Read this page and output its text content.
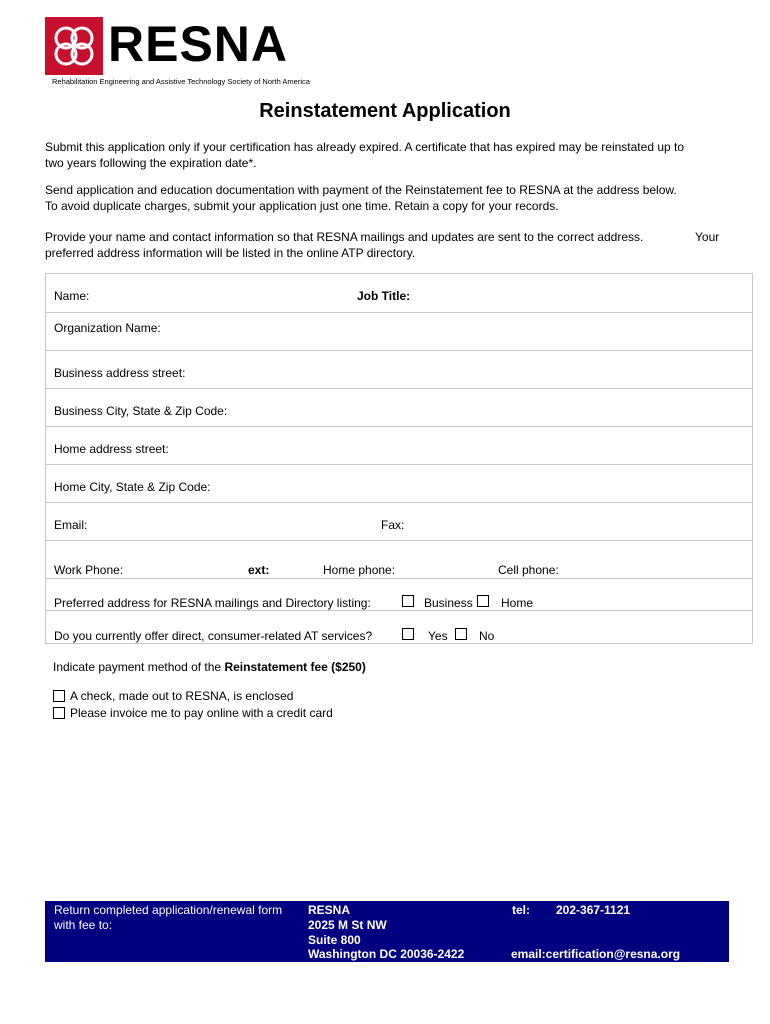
RESNA
Rehabilitation Engineering and Assistive Technology Society of North America
Reinstatement Application
Submit this application only if your certification has already expired. A certificate that has expired may be reinstated up to
two years following the expiration date*.
Send application and education documentation with payment of the Reinstatement fee to RESNA at the address below.
To avoid duplicate charges, submit your application just one time. Retain a copy for your records.
Provide your name and contact information so that RESNA mailings and updates are sent to the correct address.	Your
preferred address information will be listed in the online ATP directory.
Name:	Job Title:
Organization Name:
Business address street:
Business City, State & Zip Code:
Home address street:
Home City, State & Zip Code:
Email:	Fax:
Work Phone:	ext:	Home phone:	Cell phone:
Preferred address for RESNA mailings and Directory listing:	Business Home
Do you currently offer direct, consumer-related AT services?	Yes	No
Indicate payment method of the Reinstatement fee ($250)
A check, made out to RESNA, is enclosed
Please invoice me to pay online with a credit card
Return completed application/renewal form
with fee to:
RESNA
2025 M St NW
Suite 800
Washington DC 20036-2422
tel: 202-367-1121
email:certification@resna.org
